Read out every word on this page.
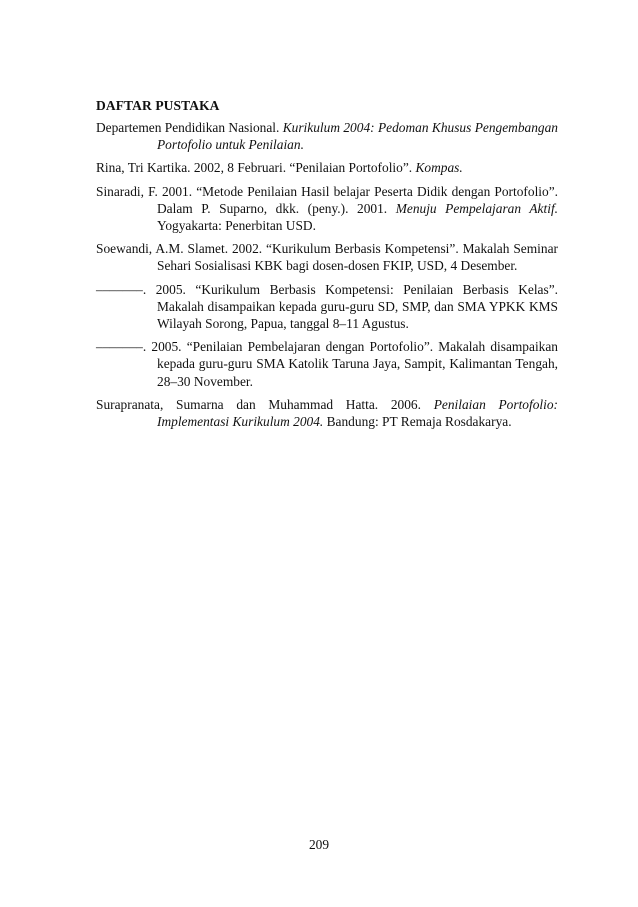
DAFTAR PUSTAKA
Departemen Pendidikan Nasional. Kurikulum 2004: Pedoman Khusus Pengembangan Portofolio untuk Penilaian.
Rina, Tri Kartika. 2002, 8 Februari. “Penilaian Portofolio”. Kompas.
Sinaradi, F. 2001. “Metode Penilaian Hasil belajar Peserta Didik dengan Portofolio”. Dalam P. Suparno, dkk. (peny.). 2001. Menuju Pempelajaran Aktif. Yogyakarta: Penerbitan USD.
Soewandi, A.M. Slamet. 2002. “Kurikulum Berbasis Kompetensi”. Makalah Seminar Sehari Sosialisasi KBK bagi dosen-dosen FKIP, USD, 4 Desember.
–––––––. 2005. “Kurikulum Berbasis Kompetensi: Penilaian Berbasis Kelas”. Makalah disampaikan kepada guru-guru SD, SMP, dan SMA YPKK KMS Wilayah Sorong, Papua, tanggal 8–11 Agustus.
–––––––. 2005. “Penilaian Pembelajaran dengan Portofolio”. Makalah disampaikan kepada guru-guru SMA Katolik Taruna Jaya, Sampit, Kalimantan Tengah, 28–30 November.
Surapranata, Sumarna dan Muhammad Hatta. 2006. Penilaian Portofolio: Implementasi Kurikulum 2004. Bandung: PT Remaja Rosdakarya.
209
